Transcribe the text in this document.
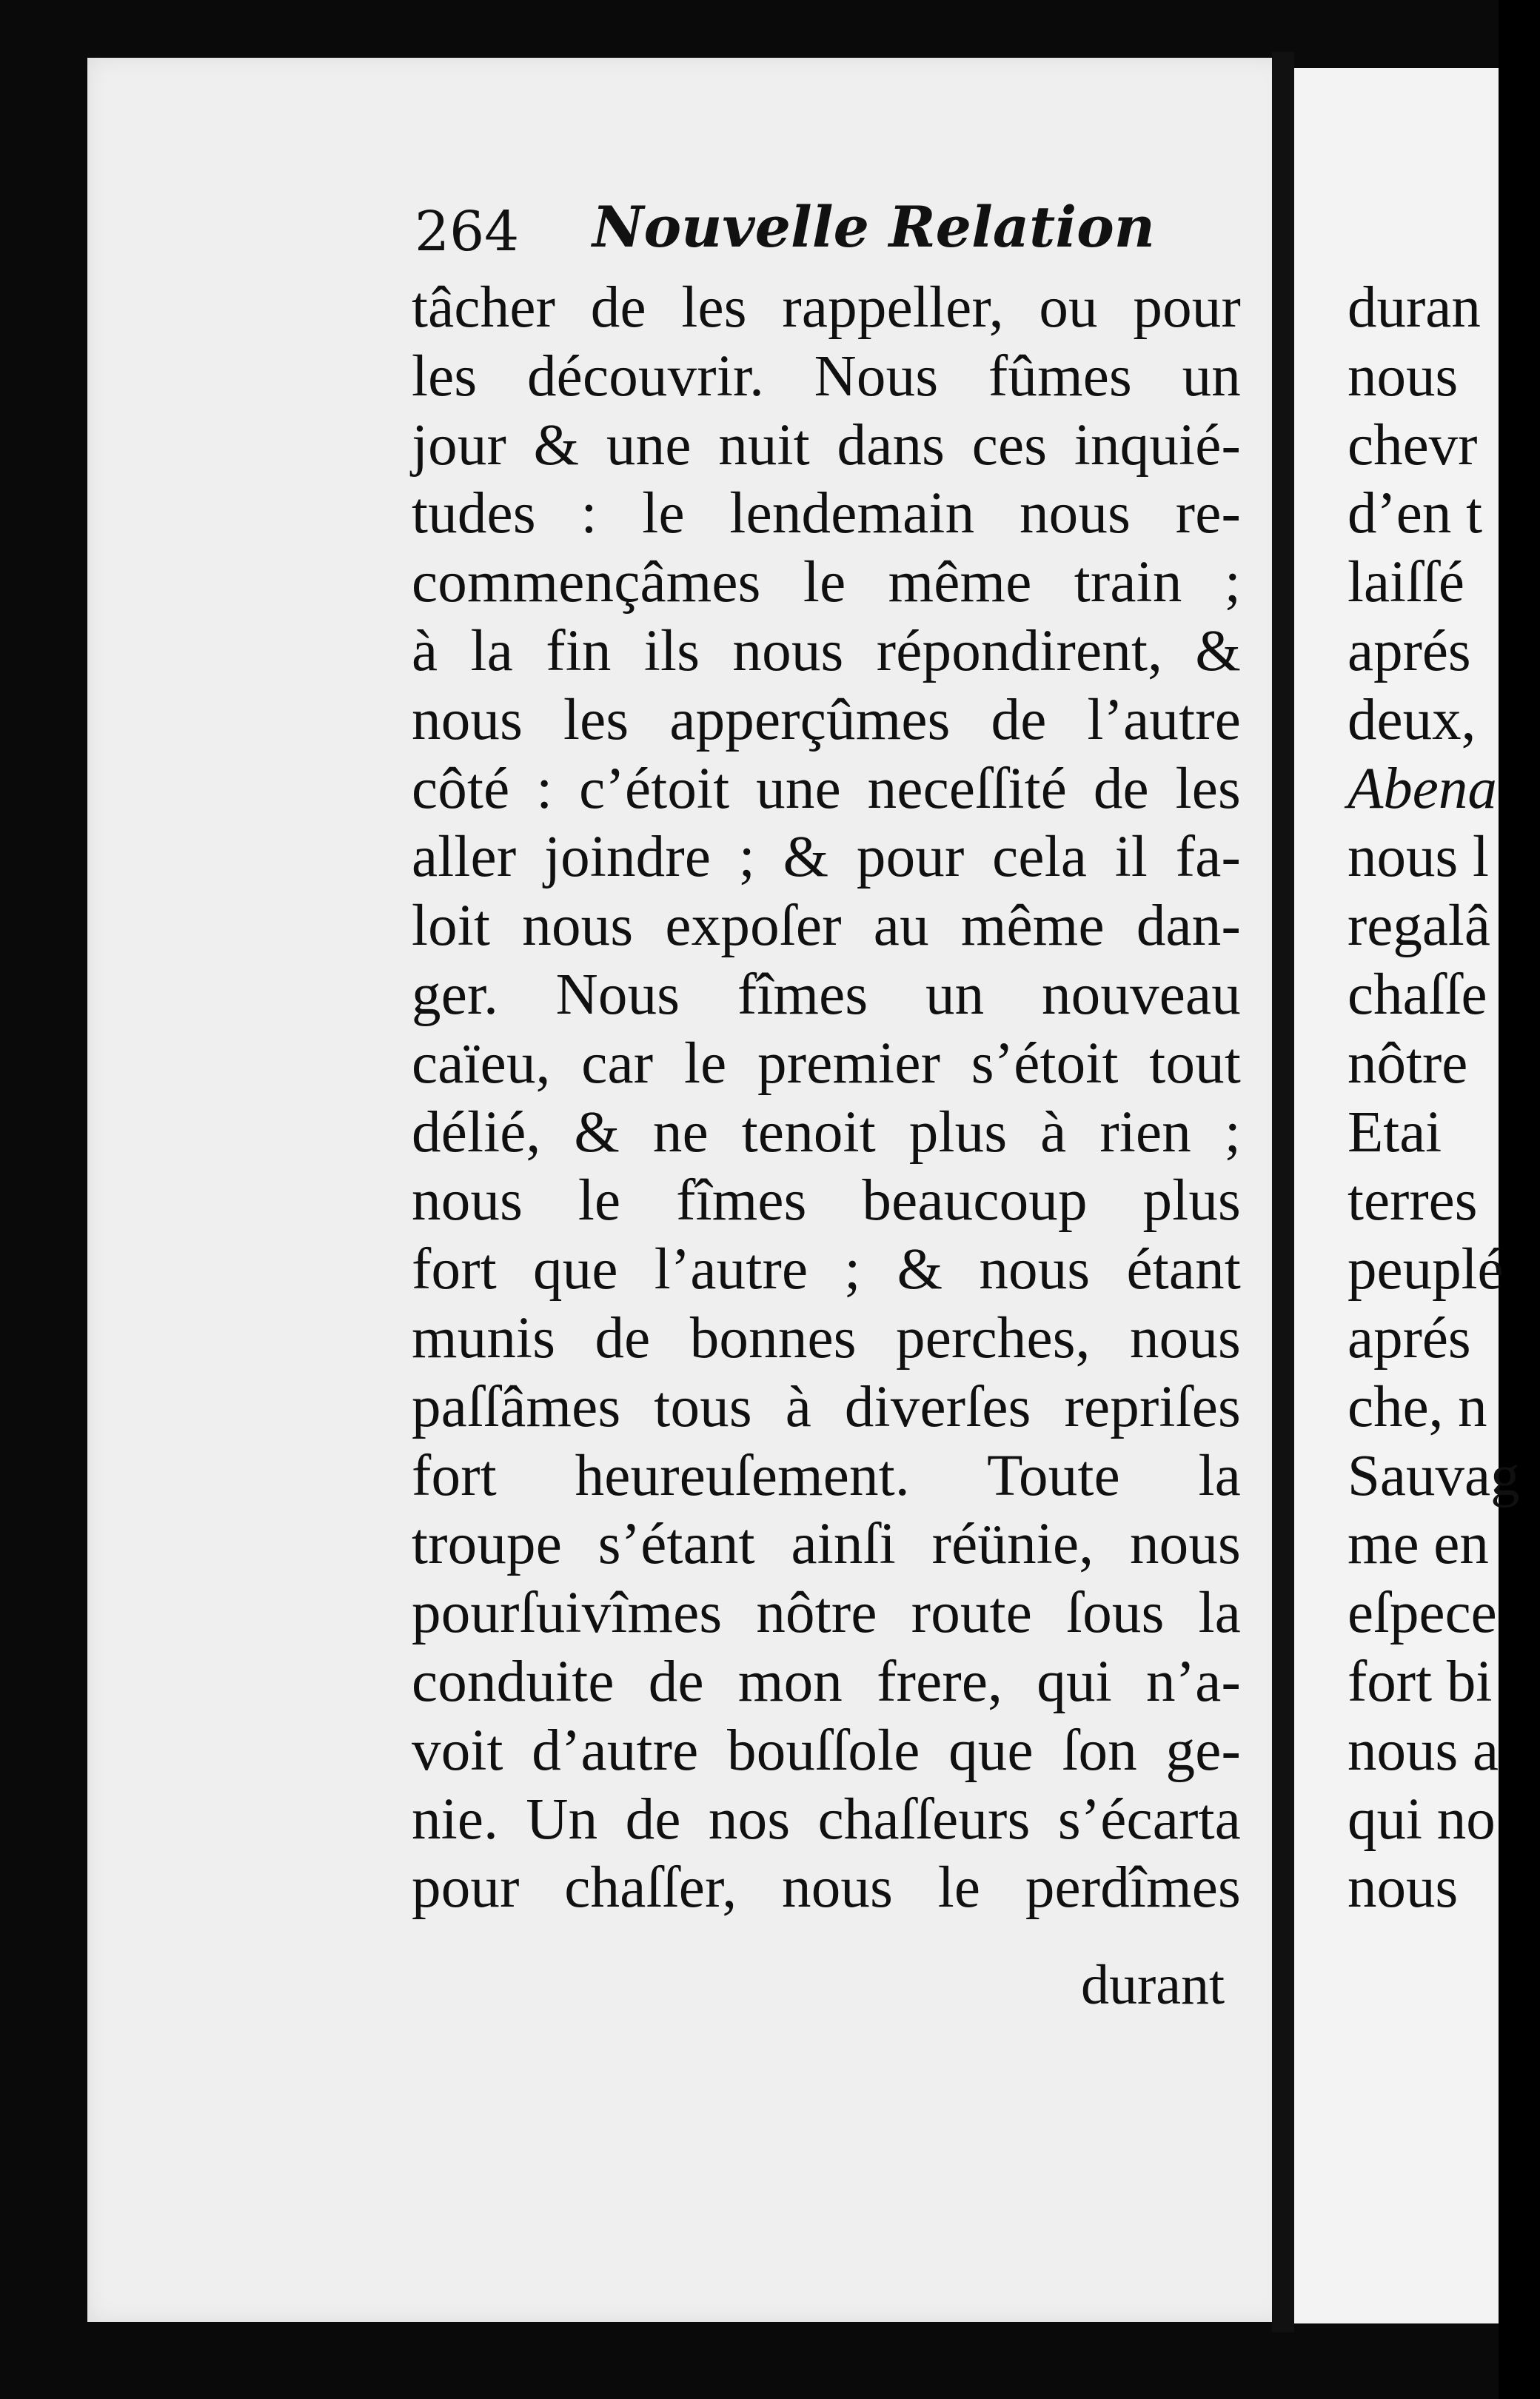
264 Nouvelle Relation
tâcher de les rappeller, ou pour
les découvrir. Nous fûmes un
jour & une nuit dans ces inquié-
tudes : le lendemain nous re-
commençâmes le même train ;
à la fin ils nous répondirent, &
nous les apperçûmes de l’autre
côté : c’étoit une neceſſité de les
aller joindre ; & pour cela il fa-
loit nous expoſer au même dan-
ger. Nous fîmes un nouveau
caïeu, car le premier s’étoit tout
délié, & ne tenoit plus à rien ;
nous le fîmes beaucoup plus
fort que l’autre ; & nous étant
munis de bonnes perches, nous
paſſâmes tous à diverſes repriſes
fort heureuſement. Toute la
troupe s’étant ainſi réünie, nous
pourſuivîmes nôtre route ſous la
conduite de mon frere, qui n’a-
voit d’autre bouſſole que ſon ge-
nie. Un de nos chaſſeurs s’écarta
pour chaſſer, nous le perdîmes
durant
duran
nous
chevr
d’en t
laiſſé
aprés
deux,
Abena
nous l
regalâ
chaſſe
nôtre
Etai
terres
peuplé
aprés
che, n
Sauvag
me en
eſpece
fort bi
nous a
qui no
nous
